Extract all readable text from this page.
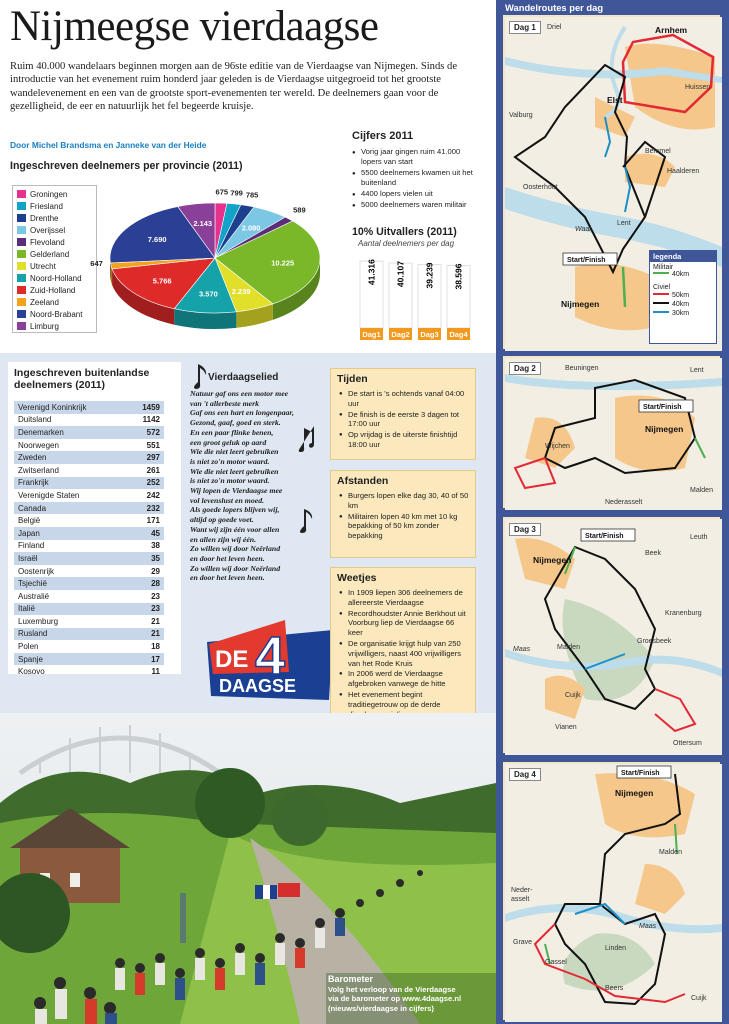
Nijmeegse vierdaagse

Ruim 40.000 wandelaars beginnen morgen aan de 96ste editie van de Vierdaagse van Nijmegen. Sinds de introductie van het evenement ruim honderd jaar geleden is de Vierdaagse uitgegroeid tot het grootste wandelevenement en een van de grootste sport-evenementen ter wereld. De deelnemers gaan voor de gezelligheid, de eer en natuurlijk het fel begeerde kruisje.

Door Michel Brandsma en Janneke van der Heide
Ingeschreven deelnemers per provincie (2011)
Groningen
Friesland
Drenthe
Overijssel
Flevoland
Gelderland
Utrecht
Noord-Holland
Zuid-Holland
Zeeland
Noord-Brabant
Limburg
675 799 785
2.080
589
10.225
2.239
3.570
5.766
647
7.690
2.143
Cijfers 2011
● Vorig jaar gingen ruim 41.000 lopers van start
● 5500 deelnemers kwamen uit het buitenland
● 4400 lopers vielen uit
● 5000 deelnemers waren militair
10% Uitvallers (2011)
Aantal deelnemers per dag
41.316
Dag1
40.107
Dag2
39.239
Dag3
38.596
Dag4
Ingeschreven buitenlandse deelnemers (2011)
Verenigd Koninkrijk	1459
Duitsland	1142
Denemarken	572
Noorwegen	551
Zweden	297
Zwitserland	261
Frankrijk	252
Verenigde Staten	242
Canada	232
België	171
Japan	45
Finland	38
Israël	35
Oostenrijk	29
Tsjechië	28
Australië	23
Italië	23
Luxemburg	21
Rusland	21
Polen	18
Spanje	17
Kosovo	11
Vierdaagselied
Natuur gaf ons een motor mee
van 't allerbeste merk
Gaf ons een hart en longenpaar,
Gezond, gaaf, goed en sterk.
En een paar flinke benen,
een groot geluk op aard
Wie die niet leert gebruiken
is niet zo'n motor waard.
Wie die niet leert gebruiken
is niet zo'n motor waard.
Wij lopen de Vierdaagse mee
vol levenslust en moed.
Als goede lopers blijven wij,
altijd op goede voet.
Want wij zijn één voor allen
en allen zijn wij één.
Zo willen wij door Neêrland
en door het leven heen.
Zo willen wij door Neêrland
en door het leven heen.
DE 4
DAAGSE
Tijden
● De start is 's ochtends vanaf 04:00 uur
● De finish is de eerste 3 dagen tot 17:00 uur
● Op vrijdag is de uiterste finishtijd 18:00 uur
Afstanden
● Burgers lopen elke dag 30, 40 of 50 km
● Militairen lopen 40 km met 10 kg bepakking of 50 km zonder bepakking
Weetjes
● In 1909 liepen 306 deelnemers de allereerste Vierdaagse
● Recordhoudster Annie Berkhout uit Voorburg liep de Vierdaagse 66 keer
● De organisatie krijgt hulp van 250 vrijwilligers, naast 400 vrijwilligers van het Rode Kruis
● In 2006 werd de Vierdaagse afgebroken vanwege de hitte
● Het evenement begint traditiegetrouw op de derde
●
Barometer
Volg het verloop van de Vierdaagse
via de barometer op www.4daagse.nl
(nieuws/vierdaagse in cijfers)
Wandelroutes per dag
Driel	Arnhem
Huissen
Elst
Valburg
Bemmel
Haalderen
Oosterhout
Lent
Waal
Nijmegen
Start/Finish
Dag 1
legenda
Militair
40km
Civiel
50km
40km
30km
Beuningen	Lent
Nijmegen
Wijchen
Malden
Nederasselt
Start/Finish
Dag 2
Beek
Leuth
Nijmegen
Kranenburg
Malden
Groesbeek
Maas
Cuijk
Vianen
Ottersum
Start/Finish
Dag 3
Nijmegen
Malden
Neder-
asselt
Maas
Grave
Linden
Gassel
Beers
Cuijk
Start/Finish
Dag 4
